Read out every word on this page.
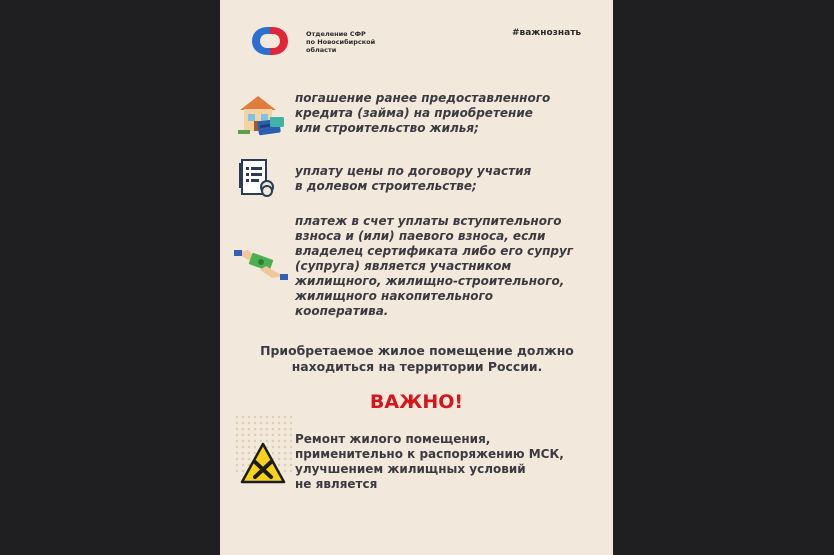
Отделение СФР
по Новосибирской
области
#важнознать
погашение ранее предоставленного
кредита (займа) на приобретение
или строительство жилья;
уплату цены по договору участия
в долевом строительстве;
платеж в счет уплаты вступительного
взноса и (или) паевого взноса, если
владелец сертификата либо его супруг
(супруга) является участником
жилищного, жилищно-строительного,
жилищного накопительного
кооператива.
Приобретаемое жилое помещение должно
находиться на территории России.
ВАЖНО!
Ремонт жилого помещения,
применительно к распоряжению МСК,
улучшением жилищных условий
не является
